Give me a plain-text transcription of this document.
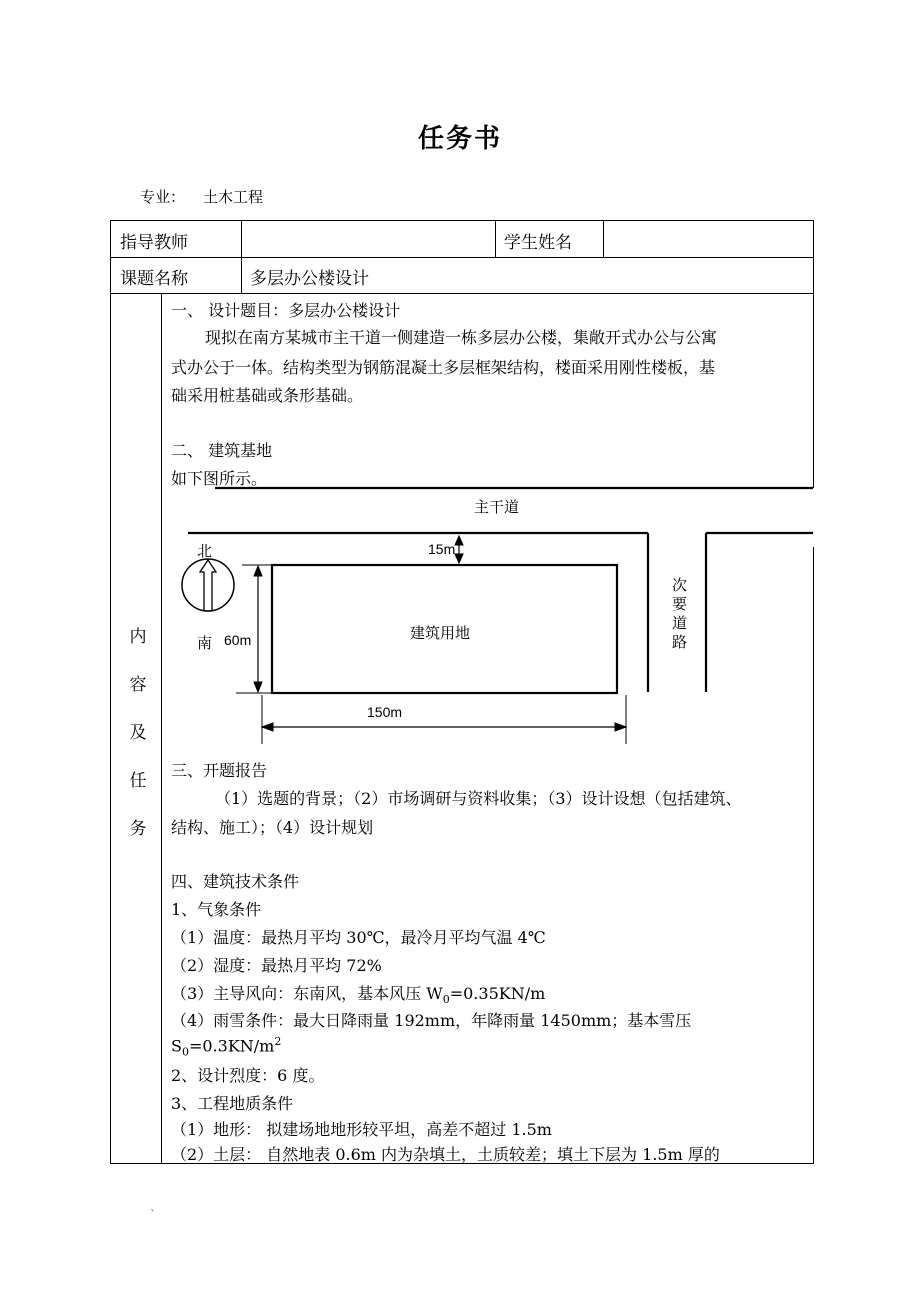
任务书
专业： 土木工程
指导教师	学生姓名
课题名称	多层办公楼设计
内
容
及
任
务
一、 设计题目：多层办公楼设计
现拟在南方某城市主干道一侧建造一栋多层办公楼，集敞开式办公与公寓
式办公于一体。结构类型为钢筋混凝土多层框架结构，楼面采用刚性楼板，基
础采用桩基础或条形基础。
二、 建筑基地
如下图所示。
三、开题报告
（1）选题的背景；（2）市场调研与资料收集；（3）设计设想（包括建筑、
结构、施工）；（4）设计规划
四、建筑技术条件
1、气象条件
（1）温度：最热月平均 30℃，最冷月平均气温 4℃
（2）湿度：最热月平均 72%
（3）主导风向：东南风，基本风压 $W_0=0.35KN/m$
（4）雨雪条件：最大日降雨量 192mm，年降雨量 1450mm；基本雪压
$S_0=0.3KN/m^2$
2、设计烈度：6 度。
3、工程地质条件
（1）地形： 拟建场地地形较平坦，高差不超过 1.5m
（2）土层： 自然地表 0.6m 内为杂填土，土质较差；填土下层为 1.5m 厚的
主干道
次
要
道
路
北
南
15m
60m
150m
建筑用地
`
